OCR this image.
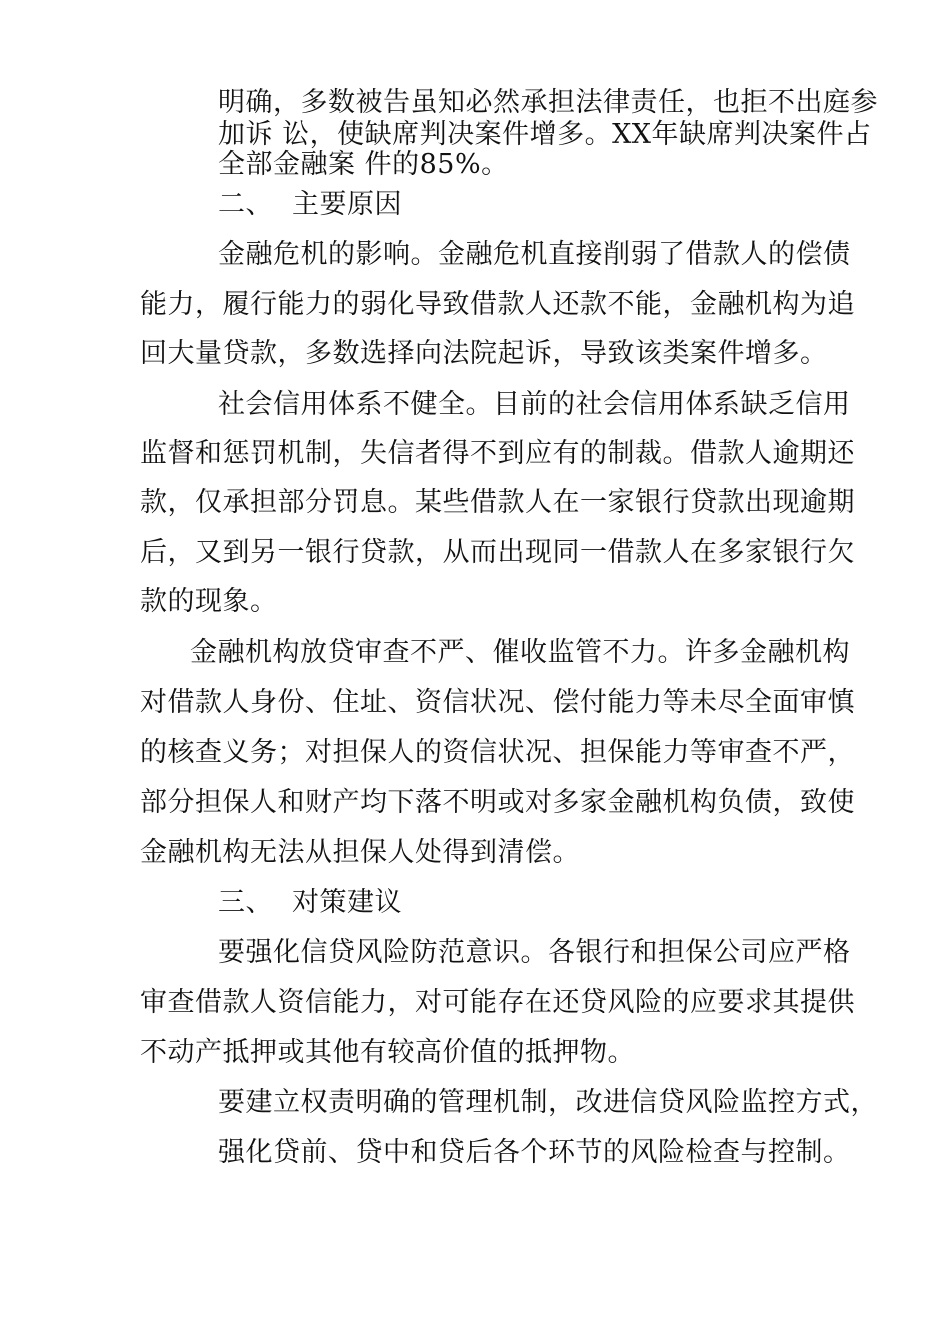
明确，多数被告虽知必然承担法律责任，也拒不出庭参
加诉 讼，使缺席判决案件增多。XX年缺席判决案件占
全部金融案 件的85%。
二、 主要原因
金融危机的影响。金融危机直接削弱了借款人的偿债
能力，履行能力的弱化导致借款人还款不能，金融机构为追
回大量贷款，多数选择向法院起诉，导致该类案件增多。
社会信用体系不健全。目前的社会信用体系缺乏信用
监督和惩罚机制，失信者得不到应有的制裁。借款人逾期还
款，仅承担部分罚息。某些借款人在一家银行贷款出现逾期
后，又到另一银行贷款，从而出现同一借款人在多家银行欠
款的现象。
金融机构放贷审查不严、催收监管不力。许多金融机构
对借款人身份、住址、资信状况、偿付能力等未尽全面审慎
的核查义务；对担保人的资信状况、担保能力等审查不严，
部分担保人和财产均下落不明或对多家金融机构负债，致使
金融机构无法从担保人处得到清偿。
三、 对策建议
要强化信贷风险防范意识。各银行和担保公司应严格
审查借款人资信能力，对可能存在还贷风险的应要求其提供
不动产抵押或其他有较高价值的抵押物。
要建立权责明确的管理机制，改进信贷风险监控方式，
强化贷前、贷中和贷后各个环节的风险检查与控制。
